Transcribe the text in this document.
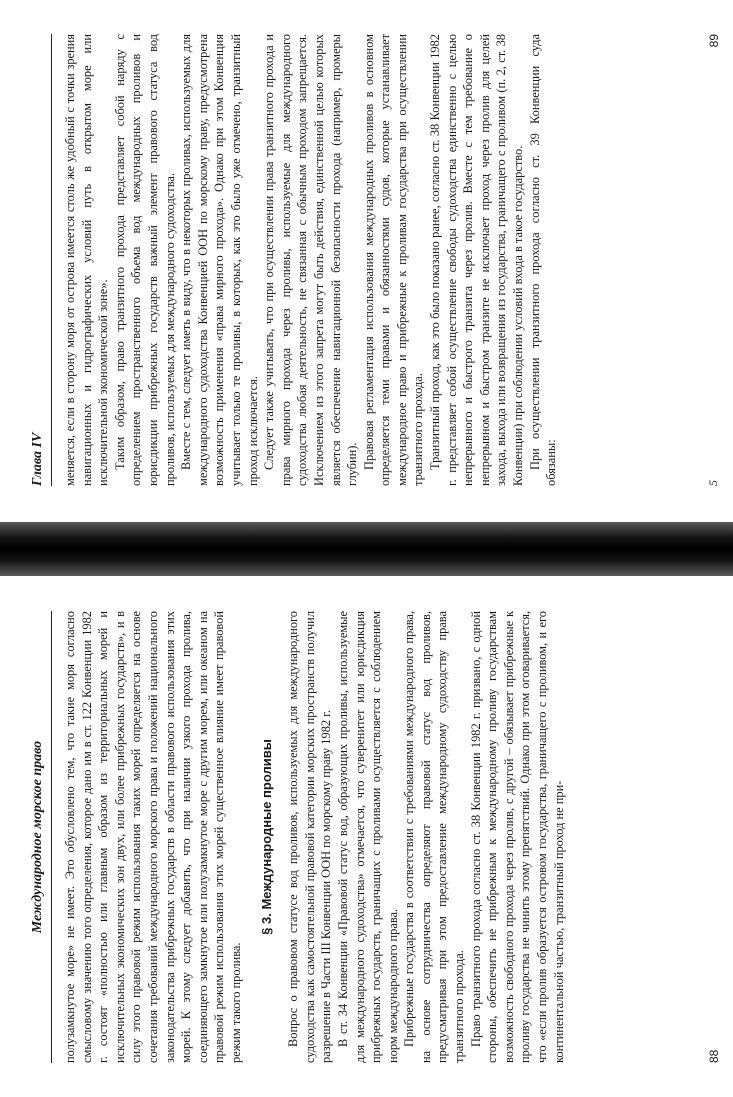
Международное морское право	полузамкнутое море» не имеет. Это обусловлено тем, что такие моря согласно смысловому значению того определения, которое дано им в ст. 122 Конвенции 1982 г. состоят «полностью или главным образом из территориальных морей и исключительных экономических зон двух, или более прибрежных государств», и в силу этого правовой режим использования таких морей определяется на основе сочетания требований международного морского права и положений национального законодательства прибрежных государств в области правового использования этих морей. К этому следует добавить, что при наличии узкого прохода пролива, соединяющего замкнутое или полузамкнутое море с другим морем, или океаном на правовой режим использования этих морей существенное влияние имеет правовой режим такого пролива.

§ 3. Международные проливы Вопрос о правовом статусе вод проливов, используемых для международного судоходства как самостоятельной правовой категории морских пространств получил разрешение в Части III Конвенции ООН по морскому праву 1982 г. В ст. 34 Конвенции «Правовой статус вод, образующих проливы, используемые для международного судоходства» отмечается, что суверенитет или юрисдикция прибрежных государств, граничащих с проливами осуществляется с соблюдением норм международного права. Прибрежные государства в соответствии с требованиями международного права, на основе сотрудничества определяют правовой статус вод проливов, предусматривая при этом предоставление международному судоходству права транзитного прохода. Право транзитного прохода согласно ст. 38 Конвенции 1982 г. призвано, с одной стороны, обеспечить не прибрежным к международному проливу государствам возможность свободного прохода через пролив, с другой – обязывает прибрежные к проливу государства не чинить этому препятствий. Однако при этом оговаривается, что «если пролив образуется островом государства, граничащего с проливом, и его континентальной частью, транзитный проход не при-	88
Глава IV	меняется, если в сторону моря от острова имеется столь же удобный с точки зрения навигационных и гидрографических условий путь в открытом море или исключительной экономической зоне». Таким образом, право транзитного прохода представляет собой наряду с определением пространственного объема вод международных проливов и юрисдикции прибрежных государств важный элемент правового статуса вод проливов, используемых для международного судоходства. Вместе с тем, следует иметь в виду, что в некоторых проливах, используемых для международного судоходства Конвенцией ООН по морскому праву, предусмотрена возможность применения «права мирного прохода». Однако при этом Конвенция учитывает только те проливы, в которых, как это было уже отмечено, транзитный проход исключается. Следует также учитывать, что при осуществлении права транзитного прохода и права мирного прохода через проливы, используемые для международного судоходства любая деятельность, не связанная с обычным проходом запрещается. Исключением из этого запрета могут быть действия, единственной целью которых является обеспечение навигационной безопасности прохода (например, промеры глубин). Правовая регламентация использования международных проливов в основном определяется теми правами и обязанностями судов, которые устанавливает международное право и прибрежные к проливам государства при осуществлении транзитного прохода. Транзитный проход, как это было показано ранее, согласно ст. 38 Конвенции 1982 г. представляет собой осуществление свободы судоходства единственно с целью непрерывного и быстрого транзита через пролив. Вместе с тем требование о непрерывном и быстром транзите не исключает проход через пролив для целей захода, выхода или возвращения из государства, граничащего с проливом (п. 2, ст. 38 Конвенции) при соблюдении условий входа в такое государство. При осуществлении транзитного прохода согласно ст. 39 Конвенции суда обязаны:	5
89
